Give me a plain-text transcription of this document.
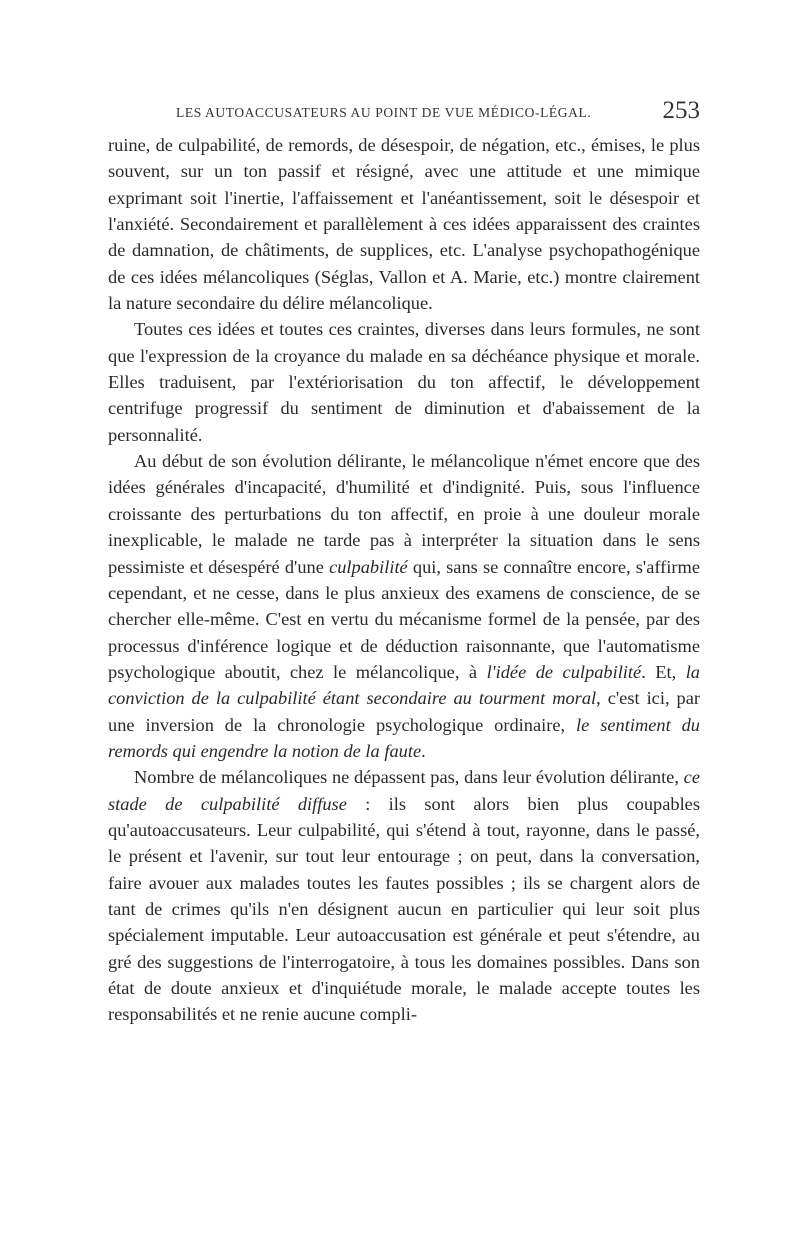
LES AUTOACCUSATEURS AU POINT DE VUE MÉDICO-LÉGAL.	253

ruine, de culpabilité, de remords, de désespoir, de négation, etc., émises, le plus souvent, sur un ton passif et résigné, avec une attitude et une mimique exprimant soit l'inertie, l'affaissement et l'anéantissement, soit le désespoir et l'anxiété. Secondairement et parallèlement à ces idées apparaissent des craintes de damnation, de châtiments, de supplices, etc. L'analyse psychopathogénique de ces idées mélancoliques (Séglas, Vallon et A. Marie, etc.) montre clairement la nature secondaire du délire mélancolique.

Toutes ces idées et toutes ces craintes, diverses dans leurs formules, ne sont que l'expression de la croyance du malade en sa déchéance physique et morale. Elles traduisent, par l'extériorisation du ton affectif, le développement centrifuge progressif du sentiment de diminution et d'abaissement de la personnalité.

Au début de son évolution délirante, le mélancolique n'émet encore que des idées générales d'incapacité, d'humilité et d'indignité. Puis, sous l'influence croissante des perturbations du ton affectif, en proie à une douleur morale inexplicable, le malade ne tarde pas à interpréter la situation dans le sens pessimiste et désespéré d'une culpabilité qui, sans se connaître encore, s'affirme cependant, et ne cesse, dans le plus anxieux des examens de conscience, de se chercher elle-même. C'est en vertu du mécanisme formel de la pensée, par des processus d'inférence logique et de déduction raisonnante, que l'automatisme psychologique aboutit, chez le mélancolique, à l'idée de culpabilité. Et, la conviction de la culpabilité étant secondaire au tourment moral, c'est ici, par une inversion de la chronologie psychologique ordinaire, le sentiment du remords qui engendre la notion de la faute.

Nombre de mélancoliques ne dépassent pas, dans leur évolution délirante, ce stade de culpabilité diffuse : ils sont alors bien plus coupables qu'autoaccusateurs. Leur culpabilité, qui s'étend à tout, rayonne, dans le passé, le présent et l'avenir, sur tout leur entourage ; on peut, dans la conversation, faire avouer aux malades toutes les fautes possibles ; ils se chargent alors de tant de crimes qu'ils n'en désignent aucun en particulier qui leur soit plus spécialement imputable. Leur autoaccusation est générale et peut s'étendre, au gré des suggestions de l'interrogatoire, à tous les domaines possibles. Dans son état de doute anxieux et d'inquiétude morale, le malade accepte toutes les responsabilités et ne renie aucune compli-
